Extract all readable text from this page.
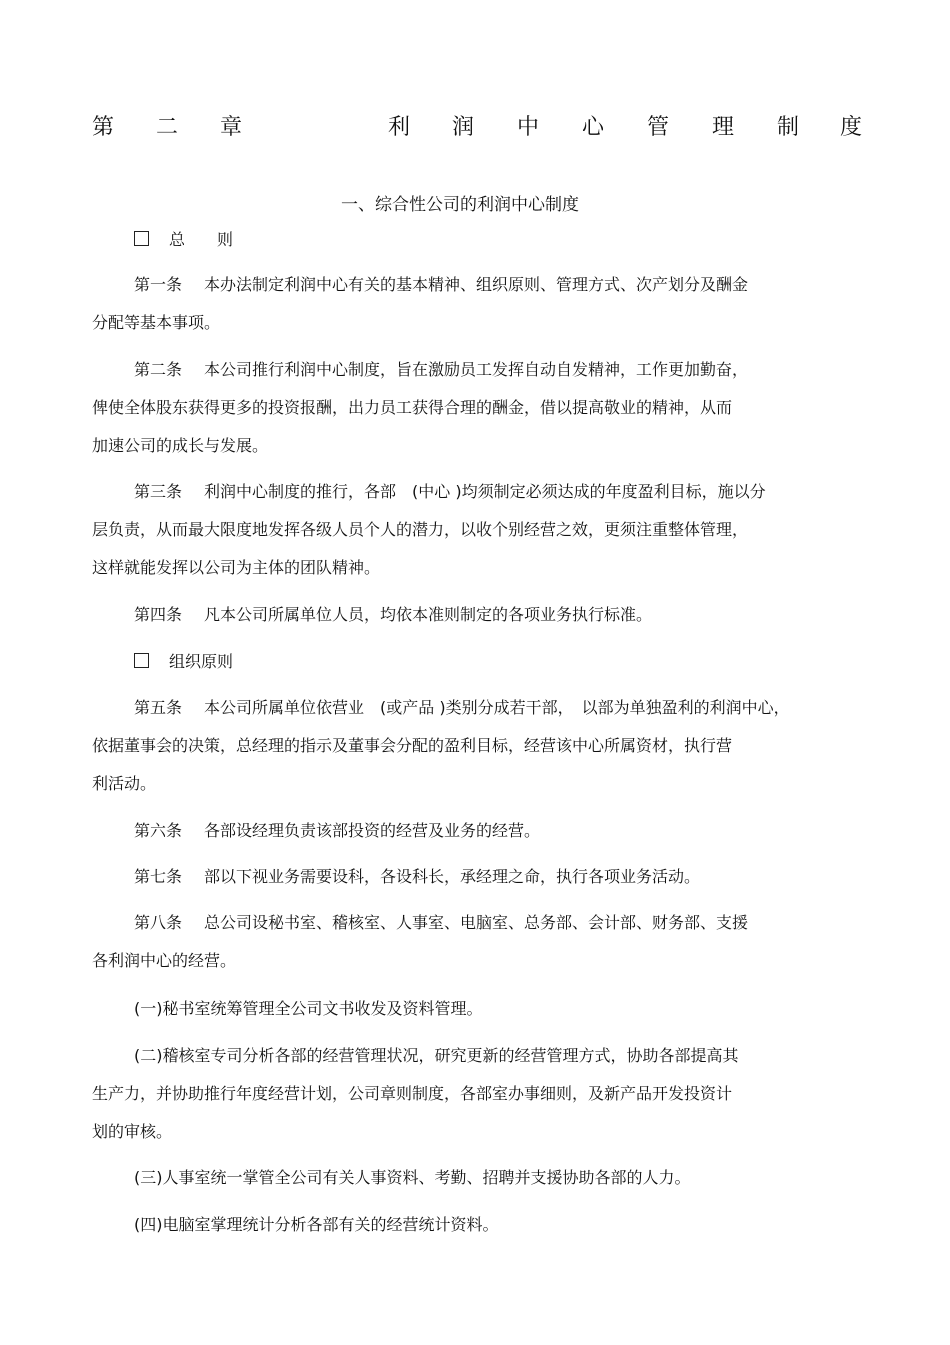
第 二 章	利 润 中 心 管 理 制 度
一、综合性公司的利润中心制度
总　　则
第一条 本办法制定利润中心有关的基本精神、组织原则、管理方式、次产划分及酬金
分配等基本事项。
第二条 本公司推行利润中心制度，旨在激励员工发挥自动自发精神，工作更加勤奋，
俾使全体股东获得更多的投资报酬，出力员工获得合理的酬金，借以提高敬业的精神，从而
加速公司的成长与发展。
第三条 利润中心制度的推行，各部　(中心 )均须制定必须达成的年度盈利目标，施以分
层负责，从而最大限度地发挥各级人员个人的潜力，以收个别经营之效，更须注重整体管理，
这样就能发挥以公司为主体的团队精神。
第四条 凡本公司所属单位人员，均依本准则制定的各项业务执行标准。
组织原则
第五条 本公司所属单位依营业　(或产品 )类别分成若干部，　以部为单独盈利的利润中心，
依据董事会的决策，总经理的指示及董事会分配的盈利目标，经营该中心所属资材，执行营
利活动。
第六条 各部设经理负责该部投资的经营及业务的经营。
第七条 部以下视业务需要设科，各设科长，承经理之命，执行各项业务活动。
第八条 总公司设秘书室、稽核室、人事室、电脑室、总务部、会计部、财务部、支援
各利润中心的经营。
(一)秘书室统筹管理全公司文书收发及资料管理。
(二)稽核室专司分析各部的经营管理状况，研究更新的经营管理方式，协助各部提高其
生产力，并协助推行年度经营计划，公司章则制度，各部室办事细则，及新产品开发投资计
划的审核。
(三)人事室统一掌管全公司有关人事资料、考勤、招聘并支援协助各部的人力。
(四)电脑室掌理统计分析各部有关的经营统计资料。
